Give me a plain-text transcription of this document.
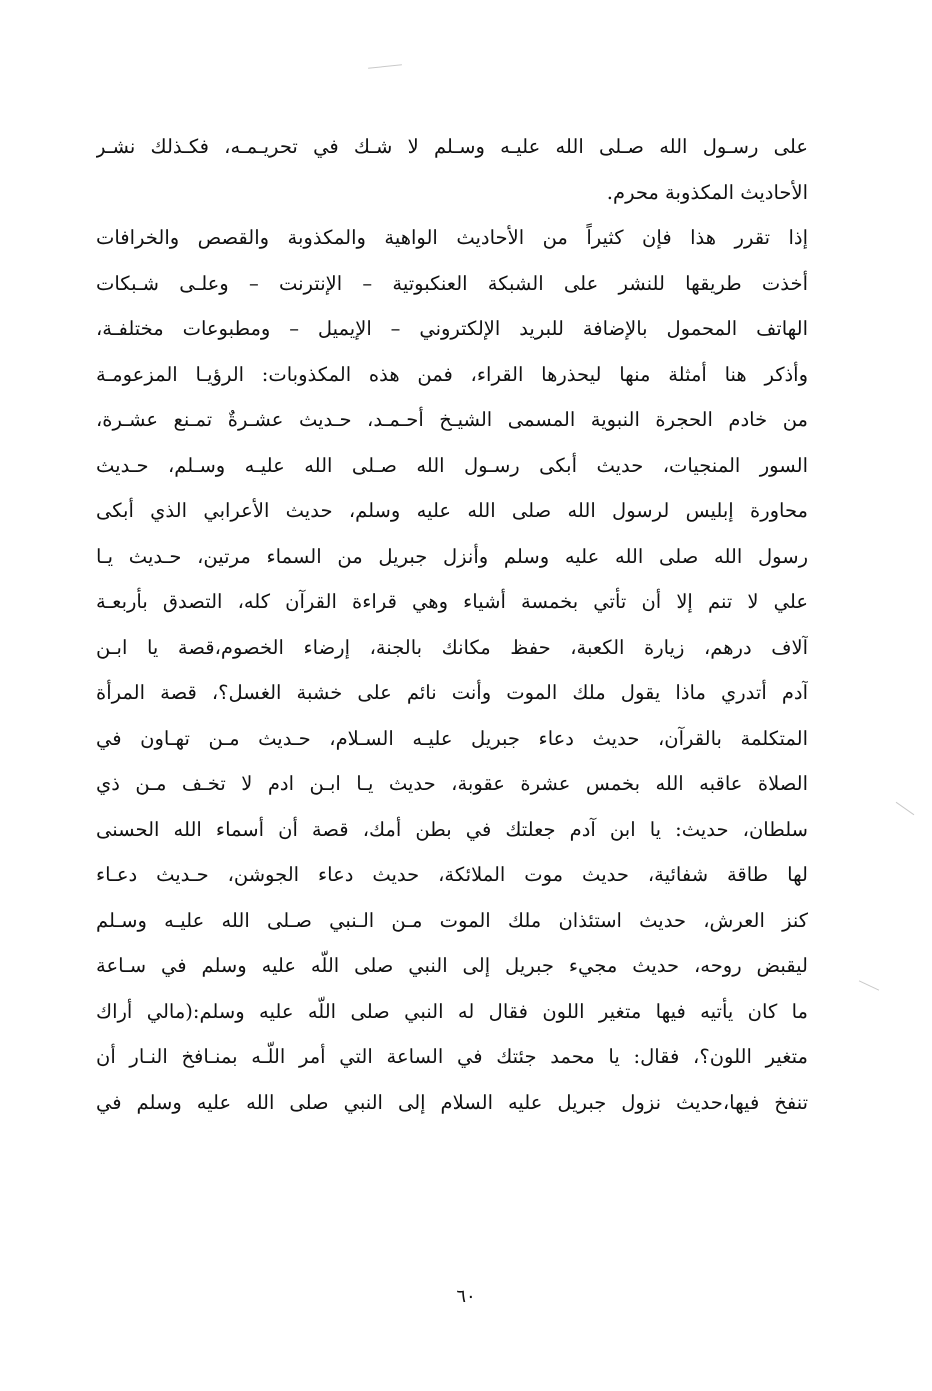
على رسـول الله صـلى الله عليـه وسـلم لا شـك في تحريـمـه، فكـذلك نشـر
الأحاديث المكذوبة محرم.
إذا تقرر هذا فإن كثيراً من الأحاديث الواهية والمكذوبة والقصص والخرافات
أخذت طريقها للنشر على الشبكة العنكبوتية – الإنترنت – وعلـى شـبكات
الهاتف المحمول بالإضافة للبريد الإلكتروني – الإيميل – ومطبوعات مختلفـة،
وأذكر هنا أمثلة منها ليحذرها القراء، فمن هذه المكذوبات: الرؤيـا المزعومـة
من خادم الحجرة النبوية المسمى الشيـخ أحـمـد، حـديث عشـرةٌ تمـنع عشـرة،
السور المنجيات، حديث أبكى رسـول الله صـلى الله عليـه وسـلم، حـديث
محاورة إبليس لرسول الله صلى الله عليه وسلم، حديث الأعرابي الذي أبكى
رسول الله صلى الله عليه وسلم وأنزل جبريل من السماء مرتين، حـديث يـا
علي لا تنم إلا أن تأتي بخمسة أشياء وهي قراءة القرآن كله، التصدق بأربعـة
آلاف درهم، زيارة الكعبة، حفظ مكانك بالجنة، إرضاء الخصوم،قصة يا ابـن
آدم أتدري ماذا يقول ملك الموت وأنت نائم على خشبة الغسل؟، قصة المرأة
المتكلمة بالقرآن، حديث دعاء جبريل عليـه السـلام، حـديث مـن تهـاون في
الصلاة عاقبه الله بخمس عشرة عقوبة، حديث يـا ابـن ادم لا تخـف مـن ذي
سلطان، حديث: يا ابن آدم جعلتك في بطن أمك، قصة أن أسماء الله الحسنى
لها طاقة شفائية، حديث موت الملائكة، حديث دعاء الجوشن، حـديث دعـاء
كنز العرش، حديث استئذان ملك الموت مـن الـنبي صـلى الله عليـه وسـلم
ليقبض روحه، حديث مجيء جبريل إلى النبي صلى اللّه عليه وسلم في سـاعة
ما كان يأتيه فيها متغير اللون فقال له النبي صلى اللّه عليه وسلم:(مالي أراك
متغير اللون؟، فقال: يا محمد جئتك في الساعة التي أمر اللّـه بمنـافخ النـار أن
تنفخ فيها،حديث نزول جبريل عليه السلام إلى النبي صلى الله عليه وسلم في
٦٠
